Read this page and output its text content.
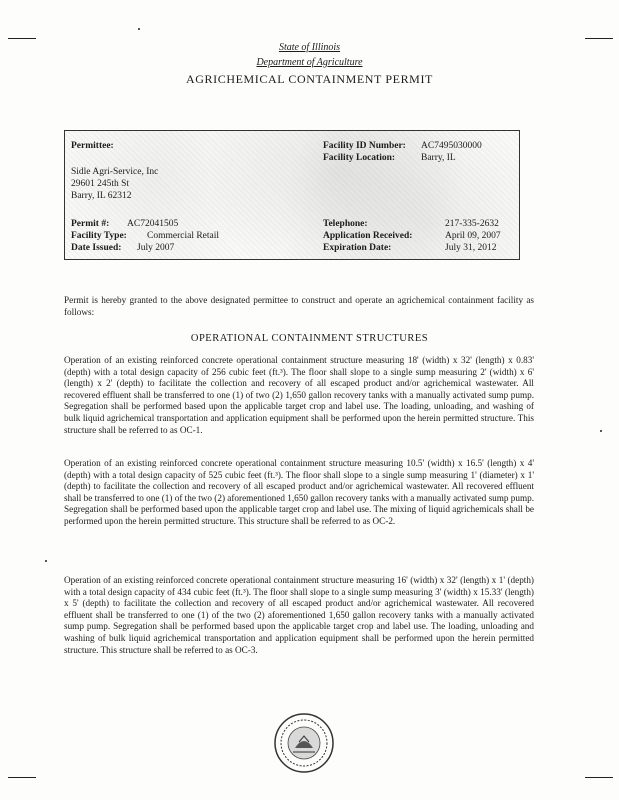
State of Illinois
Department of Agriculture
AGRICHEMICAL CONTAINMENT PERMIT
Permittee:
Sidle Agri-Service, Inc
29601 245th St
Barry, IL 62312
Facility ID Number: AC7495030000
Facility Location:	Barry, IL
Permit #: AC72041505
Facility Type: Commercial Retail
Date Issued: July 2007
Telephone:	217-335-2632
Application Received:	April 09, 2007
Expiration Date:	July 31, 2012
Permit is hereby granted to the above designated permittee to construct and operate an agrichemical containment facility as follows:
OPERATIONAL CONTAINMENT STRUCTURES
Operation of an existing reinforced concrete operational containment structure measuring 18' (width) x 32' (length) x 0.83' (depth) with a total design capacity of 256 cubic feet (ft.³). The floor shall slope to a single sump measuring 2' (width) x 6' (length) x 2' (depth) to facilitate the collection and recovery of all escaped product and/or agrichemical wastewater. All recovered effluent shall be transferred to one (1) of two (2) 1,650 gallon recovery tanks with a manually activated sump pump. Segregation shall be performed based upon the applicable target crop and label use. The loading, unloading, and washing of bulk liquid agrichemical transportation and application equipment shall be performed upon the herein permitted structure. This structure shall be referred to as OC-1.
Operation of an existing reinforced concrete operational containment structure measuring 10.5' (width) x 16.5' (length) x 4' (depth) with a total design capacity of 525 cubic feet (ft.³). The floor shall slope to a single sump measuring 1' (diameter) x 1' (depth) to facilitate the collection and recovery of all escaped product and/or agrichemical wastewater. All recovered effluent shall be transferred to one (1) of the two (2) aforementioned 1,650 gallon recovery tanks with a manually activated sump pump. Segregation shall be performed based upon the applicable target crop and label use. The mixing of liquid agrichemicals shall be performed upon the herein permitted structure. This structure shall be referred to as OC-2.
Operation of an existing reinforced concrete operational containment structure measuring 16' (width) x 32' (length) x 1' (depth) with a total design capacity of 434 cubic feet (ft.³). The floor shall slope to a single sump measuring 3' (width) x 15.33' (length) x 5' (depth) to facilitate the collection and recovery of all escaped product and/or agrichemical wastewater. All recovered effluent shall be transferred to one (1) of the two (2) aforementioned 1,650 gallon recovery tanks with a manually activated sump pump. Segregation shall be performed based upon the applicable target crop and label use. The loading, unloading and washing of bulk liquid agrichemical transportation and application equipment shall be performed upon the herein permitted structure. This structure shall be referred to as OC-3.
